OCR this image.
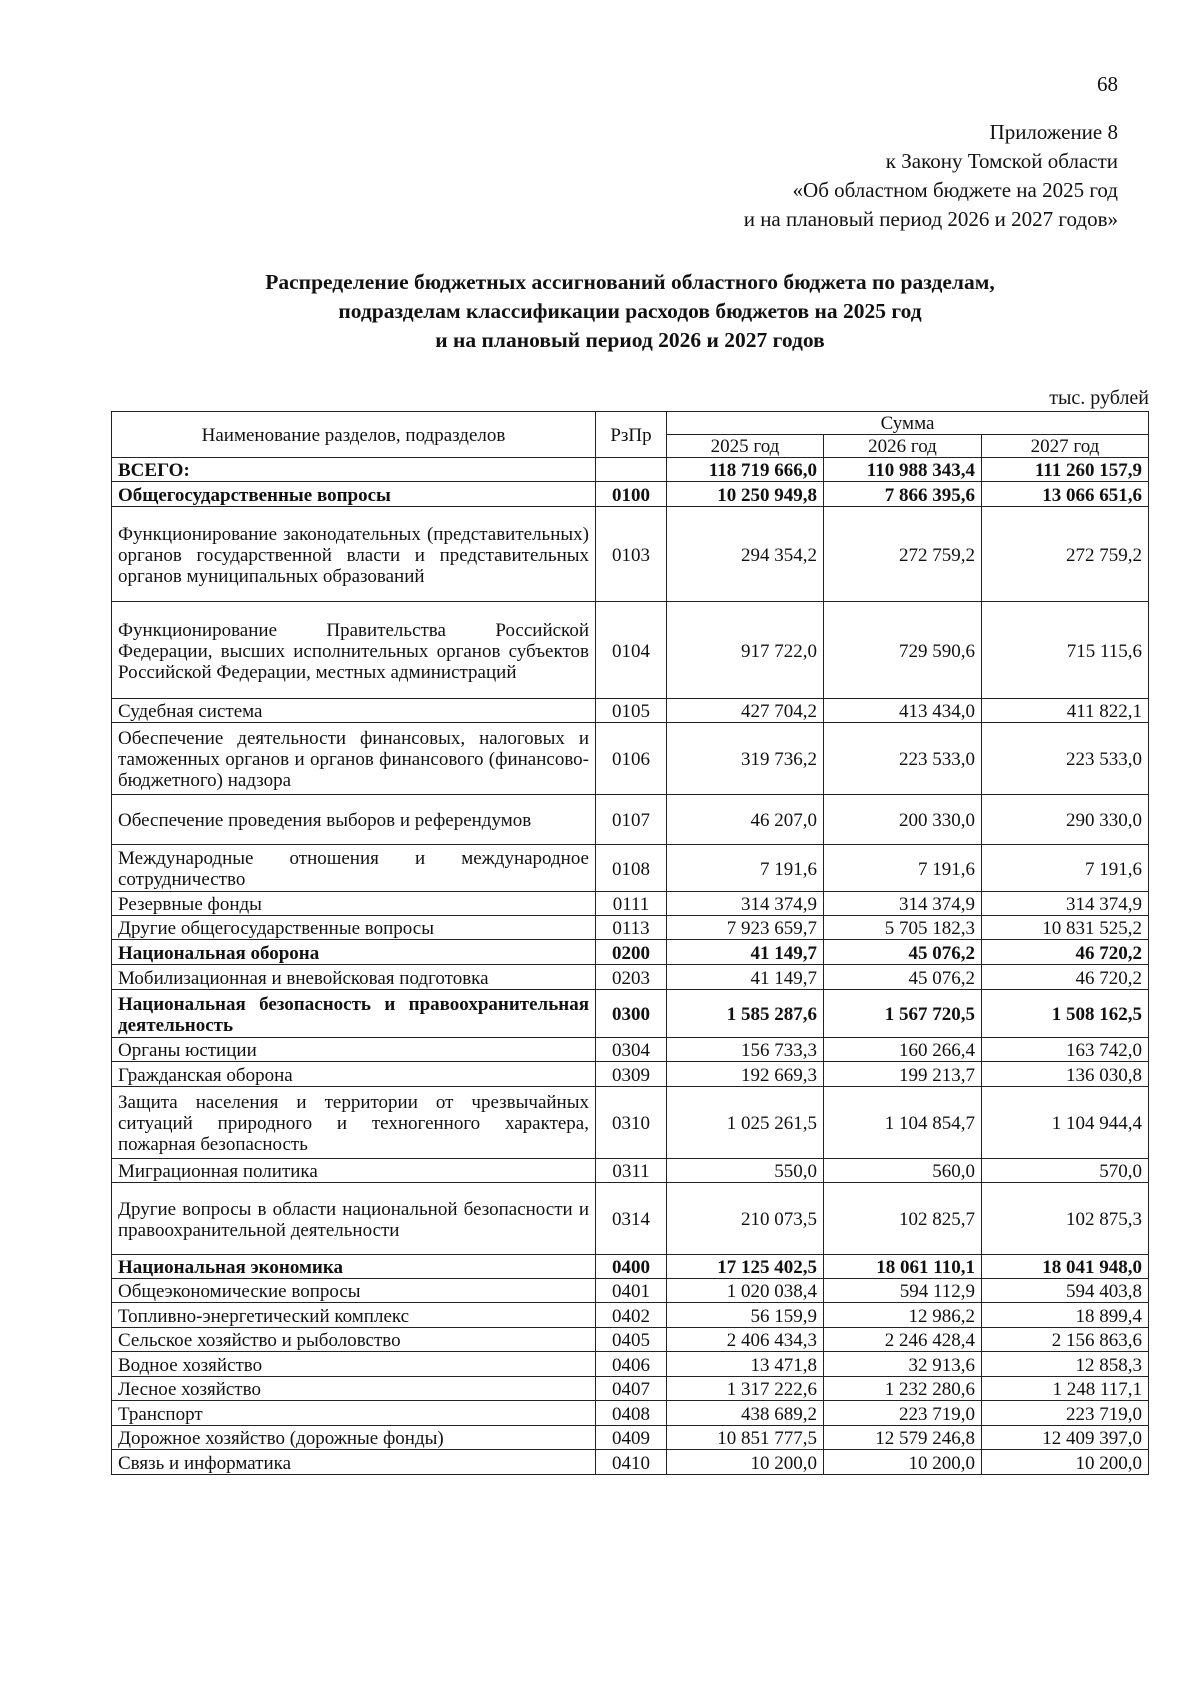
68
Приложение 8
к Закону Томской области
«Об областном бюджете на 2025 год
и на плановый период 2026 и 2027 годов»
Распределение бюджетных ассигнований областного бюджета по разделам,
подразделам классификации расходов бюджетов на 2025 год
и на плановый период 2026 и 2027 годов
тыс. рублей
Наименование разделов, подразделов	РзПр	Сумма		
		2025 год	2026 год	2027 год
ВСЕГО:		118 719 666,0	110 988 343,4	111 260 157,9
Общегосударственные вопросы	0100	10 250 949,8	7 866 395,6	13 066 651,6
Функционирование законодательных (представительных) органов государственной власти и представительных органов муниципальных образований	0103	294 354,2	272 759,2	272 759,2
Функционирование Правительства Российской Федерации, высших исполнительных органов субъектов Российской Федерации, местных администраций	0104	917 722,0	729 590,6	715 115,6
Судебная система	0105	427 704,2	413 434,0	411 822,1
Обеспечение деятельности финансовых, налоговых и таможенных органов и органов финансового (финансово-бюджетного) надзора	0106	319 736,2	223 533,0	223 533,0
Обеспечение проведения выборов и референдумов	0107	46 207,0	200 330,0	290 330,0
Международные отношения и международное сотрудничество	0108	7 191,6	7 191,6	7 191,6
Резервные фонды	0111	314 374,9	314 374,9	314 374,9
Другие общегосударственные вопросы	0113	7 923 659,7	5 705 182,3	10 831 525,2
Национальная оборона	0200	41 149,7	45 076,2	46 720,2
Мобилизационная и вневойсковая подготовка	0203	41 149,7	45 076,2	46 720,2
Национальная безопасность и правоохранительная деятельность	0300	1 585 287,6	1 567 720,5	1 508 162,5
Органы юстиции	0304	156 733,3	160 266,4	163 742,0
Гражданская оборона	0309	192 669,3	199 213,7	136 030,8
Защита населения и территории от чрезвычайных ситуаций природного и техногенного характера, пожарная безопасность	0310	1 025 261,5	1 104 854,7	1 104 944,4
Миграционная политика	0311	550,0	560,0	570,0
Другие вопросы в области национальной безопасности и правоохранительной деятельности	0314	210 073,5	102 825,7	102 875,3
Национальная экономика	0400	17 125 402,5	18 061 110,1	18 041 948,0
Общеэкономические вопросы	0401	1 020 038,4	594 112,9	594 403,8
Топливно-энергетический комплекс	0402	56 159,9	12 986,2	18 899,4
Сельское хозяйство и рыболовство	0405	2 406 434,3	2 246 428,4	2 156 863,6
Водное хозяйство	0406	13 471,8	32 913,6	12 858,3
Лесное хозяйство	0407	1 317 222,6	1 232 280,6	1 248 117,1
Транспорт	0408	438 689,2	223 719,0	223 719,0
Дорожное хозяйство (дорожные фонды)	0409	10 851 777,5	12 579 246,8	12 409 397,0
Связь и информатика	0410	10 200,0	10 200,0	10 200,0
